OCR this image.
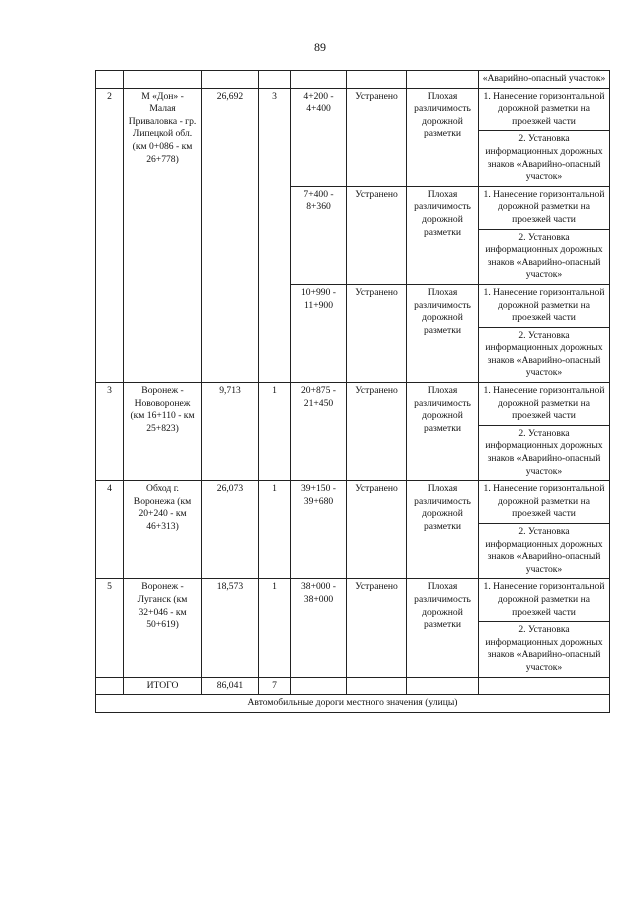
89
							«Аварийно-опасный участок»
2	М «Дон» - Малая Приваловка - гр. Липецкой обл. (км 0+086 - км 26+778)	26,692	3	4+200 - 4+400	Устранено	Плохая различимость дорожной разметки	1. Нанесение горизонтальной дорожной разметки на проезжей части
							2. Установка информационных дорожных знаков «Аварийно-опасный участок»
				7+400 - 8+360	Устранено	Плохая различимость дорожной разметки	1. Нанесение горизонтальной дорожной разметки на проезжей части
							2. Установка информационных дорожных знаков «Аварийно-опасный участок»
				10+990 - 11+900	Устранено	Плохая различимость дорожной разметки	1. Нанесение горизонтальной дорожной разметки на проезжей части
							2. Установка информационных дорожных знаков «Аварийно-опасный участок»
3	Воронеж - Нововоронеж (км 16+110 - км 25+823)	9,713	1	20+875 - 21+450	Устранено	Плохая различимость дорожной разметки	1. Нанесение горизонтальной дорожной разметки на проезжей части
							2. Установка информационных дорожных знаков «Аварийно-опасный участок»
4	Обход г. Воронежа (км 20+240 - км 46+313)	26,073	1	39+150 - 39+680	Устранено	Плохая различимость дорожной разметки	1. Нанесение горизонтальной дорожной разметки на проезжей части
							2. Установка информационных дорожных знаков «Аварийно-опасный участок»
5	Воронеж - Луганск (км 32+046 - км 50+619)	18,573	1	38+000 - 38+000	Устранено	Плохая различимость дорожной разметки	1. Нанесение горизонтальной дорожной разметки на проезжей части
							2. Установка информационных дорожных знаков «Аварийно-опасный участок»
	ИТОГО	86,041	7				
Автомобильные дороги местного значения (улицы)							
